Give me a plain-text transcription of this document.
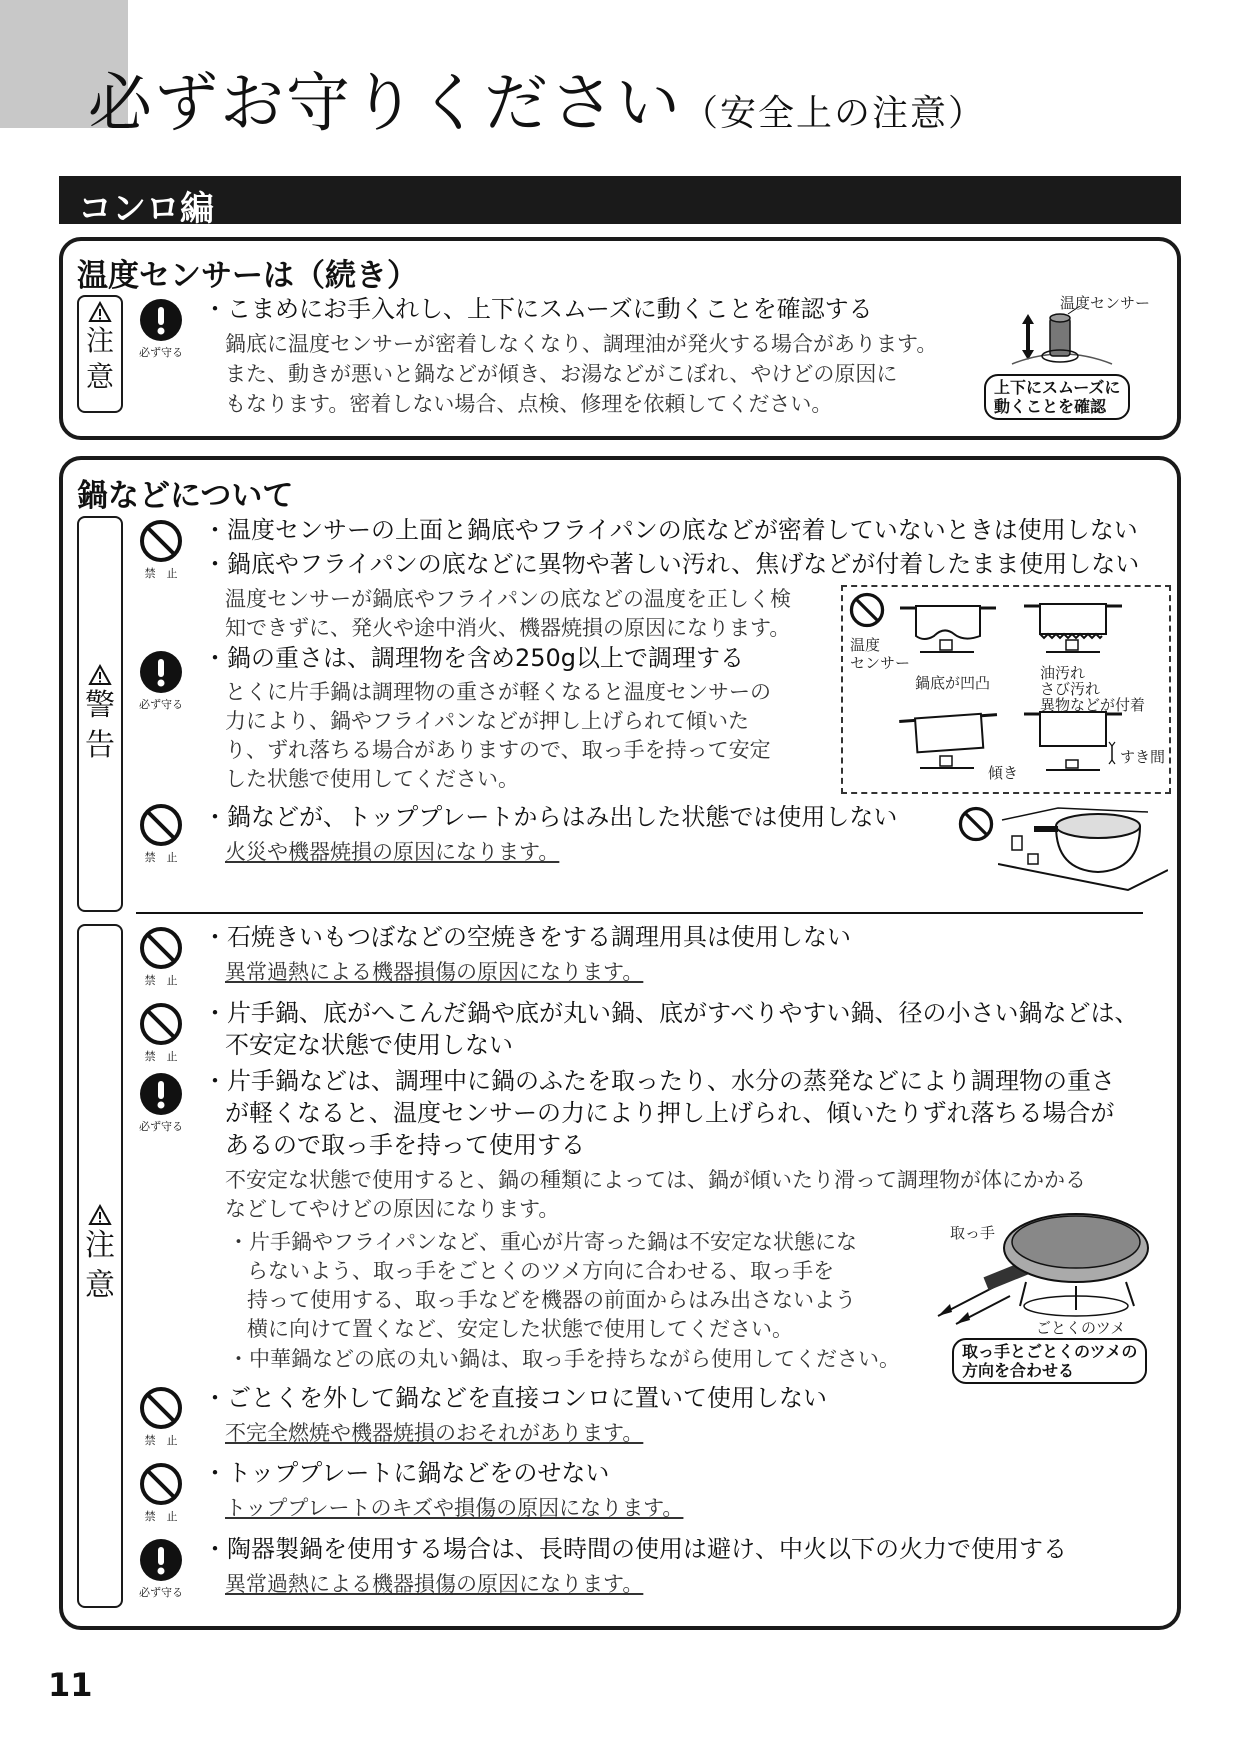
必ずお守りください（安全上の注意）
コンロ編
温度センサーは（続き）
注
意
必ず守る
・こまめにお手入れし、上下にスムーズに動くことを確認する
鍋底に温度センサーが密着しなくなり、調理油が発火する場合があります。
また、動きが悪いと鍋などが傾き、お湯などがこぼれ、やけどの原因に
もなります。密着しない場合、点検、修理を依頼してください。
温度センサー
上下にスムーズに
動くことを確認
鍋などについて
警
告
禁　止
・温度センサーの上面と鍋底やフライパンの底などが密着していないときは使用しない
・鍋底やフライパンの底などに異物や著しい汚れ、焦げなどが付着したまま使用しない
温度センサーが鍋底やフライパンの底などの温度を正しく検
知できずに、発火や途中消火、機器焼損の原因になります。
必ず守る
・鍋の重さは、調理物を含め250g以上で調理する
とくに片手鍋は調理物の重さが軽くなると温度センサーの
力により、鍋やフライパンなどが押し上げられて傾いた
り、ずれ落ちる場合がありますので、取っ手を持って安定
した状態で使用してください。
温度
センサー
鍋底が凹凸
油汚れ
さび汚れ
異物などが付着
傾き
すき間
禁　止
・鍋などが、トッププレートからはみ出した状態では使用しない
火災や機器焼損の原因になります。
注
意
禁　止
・石焼きいもつぼなどの空焼きをする調理用具は使用しない
異常過熱による機器損傷の原因になります。
禁　止
・片手鍋、底がへこんだ鍋や底が丸い鍋、底がすべりやすい鍋、径の小さい鍋などは、
不安定な状態で使用しない
必ず守る
・片手鍋などは、調理中に鍋のふたを取ったり、水分の蒸発などにより調理物の重さ
が軽くなると、温度センサーの力により押し上げられ、傾いたりずれ落ちる場合が
あるので取っ手を持って使用する
不安定な状態で使用すると、鍋の種類によっては、鍋が傾いたり滑って調理物が体にかかる
などしてやけどの原因になります。
・片手鍋やフライパンなど、重心が片寄った鍋は不安定な状態にな
らないよう、取っ手をごとくのツメ方向に合わせる、取っ手を
持って使用する、取っ手などを機器の前面からはみ出さないよう
横に向けて置くなど、安定した状態で使用してください。
・中華鍋などの底の丸い鍋は、取っ手を持ちながら使用してください。
取っ手
ごとくのツメ
取っ手とごとくのツメの
方向を合わせる
禁　止
・ごとくを外して鍋などを直接コンロに置いて使用しない
不完全燃焼や機器焼損のおそれがあります。
禁　止
・トッププレートに鍋などをのせない
トッププレートのキズや損傷の原因になります。
必ず守る
・陶器製鍋を使用する場合は、長時間の使用は避け、中火以下の火力で使用する
異常過熱による機器損傷の原因になります。
11
